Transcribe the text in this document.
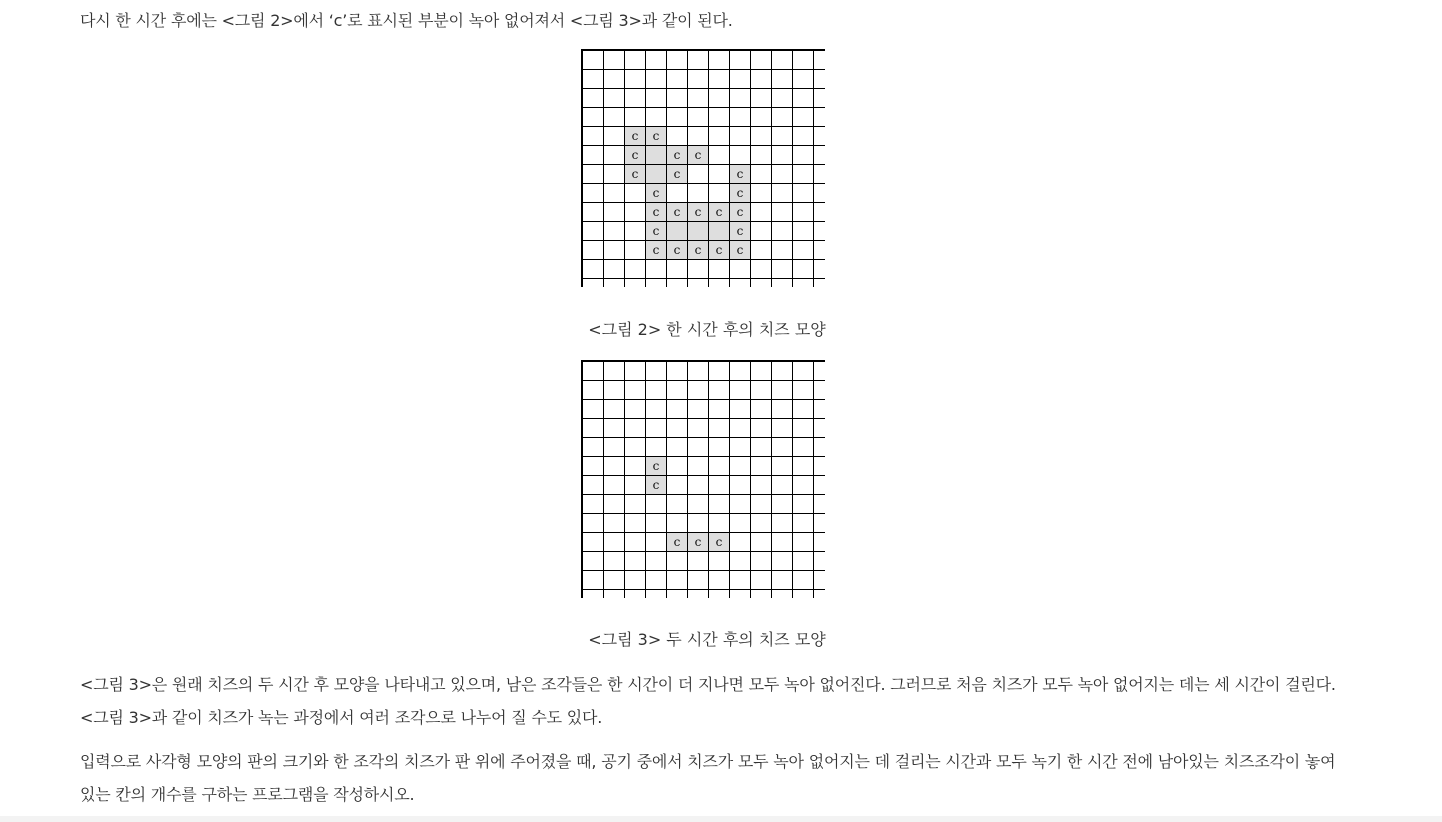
다시 한 시간 후에는 <그림 2>에서 ‘c’로 표시된 부분이 녹아 없어져서 <그림 3>과 같이 된다.

c	c
c	c	c
c	c	c
c	c
c	c	c	c	c
c	c
c	c	c	c	c

<그림 2> 한 시간 후의 치즈 모양

c
c
c	c	c

<그림 3> 두 시간 후의 치즈 모양

<그림 3>은 원래 치즈의 두 시간 후 모양을 나타내고 있으며, 남은 조각들은 한 시간이 더 지나면 모두 녹아 없어진다. 그러므로 처음 치즈가 모두 녹아 없어지는 데는 세 시간이 걸린다. <그림 3>과 같이 치즈가 녹는 과정에서 여러 조각으로 나누어 질 수도 있다.

입력으로 사각형 모양의 판의 크기와 한 조각의 치즈가 판 위에 주어졌을 때, 공기 중에서 치즈가 모두 녹아 없어지는 데 걸리는 시간과 모두 녹기 한 시간 전에 남아있는 치즈조각이 놓여 있는 칸의 개수를 구하는 프로그램을 작성하시오.
